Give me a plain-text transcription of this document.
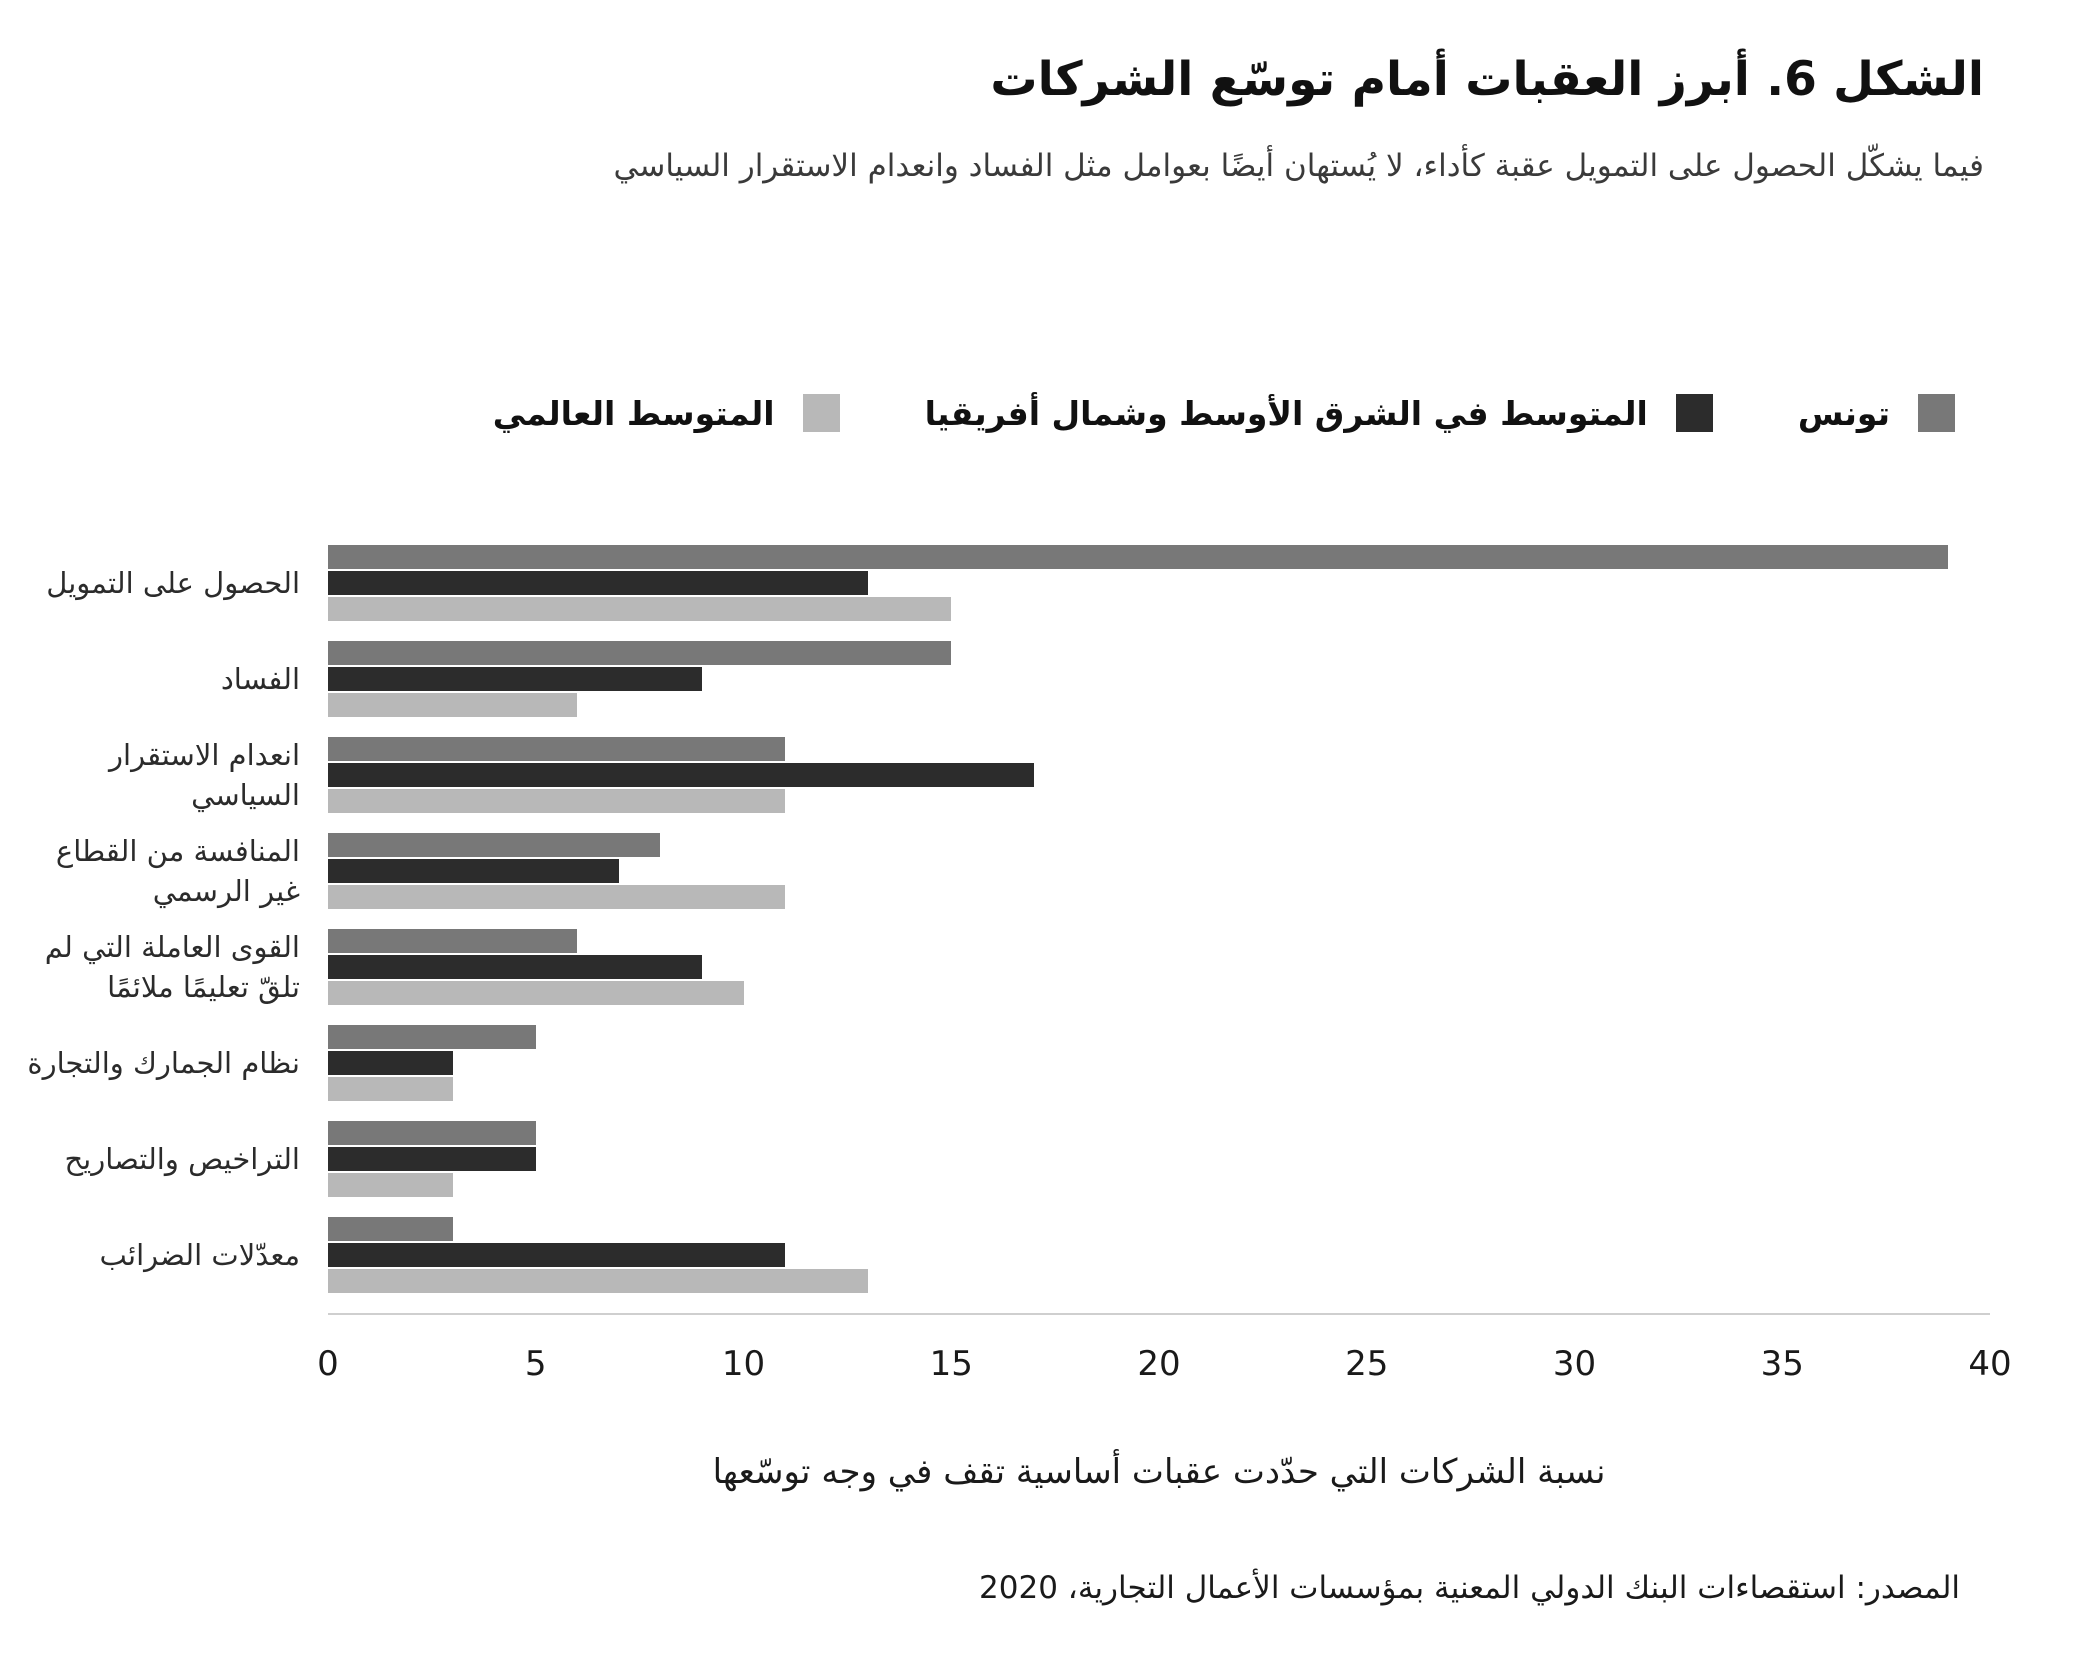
الشكل 6. أبرز العقبات أمام توسّع الشركات

فيما يشكّل الحصول على التمويل عقبة كأداء، لا يُستهان أيضًا بعوامل مثل الفساد وانعدام الاستقرار السياسي

تونس
المتوسط في الشرق الأوسط وشمال أفريقيا
المتوسط العالمي
الحصول على التمويل
الفساد
انعدام الاستقرار السياسي
المنافسة من القطاع غير الرسمي
القوى العاملة التي لم تلقّ تعليمًا ملائمًا
نظام الجمارك والتجارة
التراخيص والتصاريح
معدّلات الضرائب
0	5	10	15	20	25	30	35	40
نسبة الشركات التي حدّدت عقبات أساسية تقف في وجه توسّعها
المصدر: استقصاءات البنك الدولي المعنية بمؤسسات الأعمال التجارية، 2020
